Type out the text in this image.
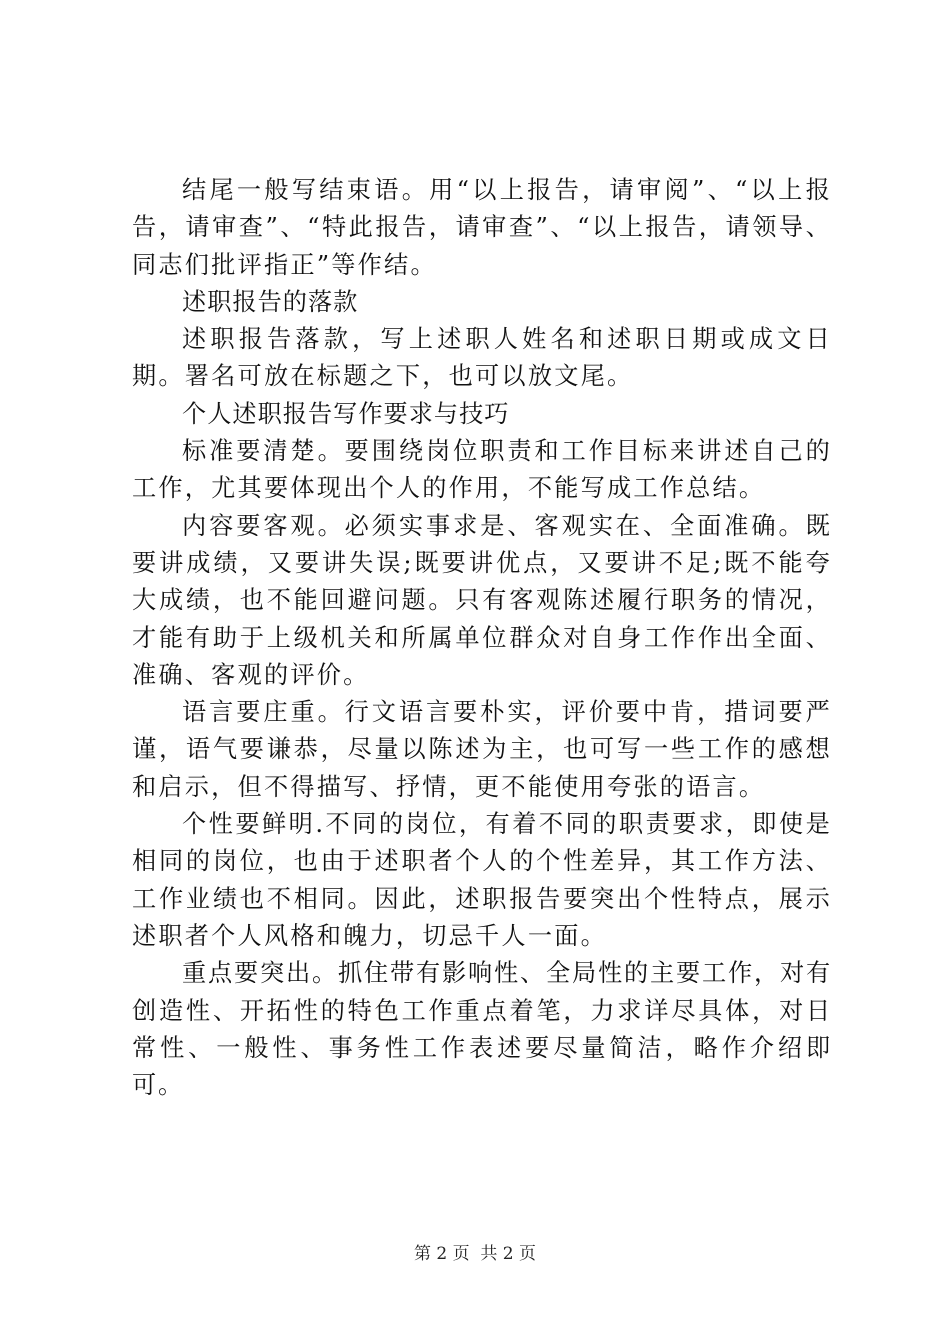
结尾一般写结束语。用“以上报告，请审阅”、“以上报告，请审查”、“特此报告，请审查”、“以上报告，请领导、同志们批评指正”等作结。

述职报告的落款

述职报告落款，写上述职人姓名和述职日期或成文日期。署名可放在标题之下，也可以放文尾。

个人述职报告写作要求与技巧

标准要清楚。要围绕岗位职责和工作目标来讲述自己的工作，尤其要体现出个人的作用，不能写成工作总结。

内容要客观。必须实事求是、客观实在、全面准确。既要讲成绩，又要讲失误;既要讲优点，又要讲不足;既不能夸大成绩，也不能回避问题。只有客观陈述履行职务的情况，才能有助于上级机关和所属单位群众对自身工作作出全面、准确、客观的评价。

语言要庄重。行文语言要朴实，评价要中肯，措词要严谨，语气要谦恭，尽量以陈述为主，也可写一些工作的感想和启示，但不得描写、抒情，更不能使用夸张的语言。

个性要鲜明.不同的岗位，有着不同的职责要求，即使是相同的岗位，也由于述职者个人的个性差异，其工作方法、工作业绩也不相同。因此，述职报告要突出个性特点，展示述职者个人风格和魄力，切忌千人一面。

重点要突出。抓住带有影响性、全局性的主要工作，对有创造性、开拓性的特色工作重点着笔，力求详尽具体，对日常性、一般性、事务性工作表述要尽量简洁，略作介绍即可。

第 2 页 共 2 页
